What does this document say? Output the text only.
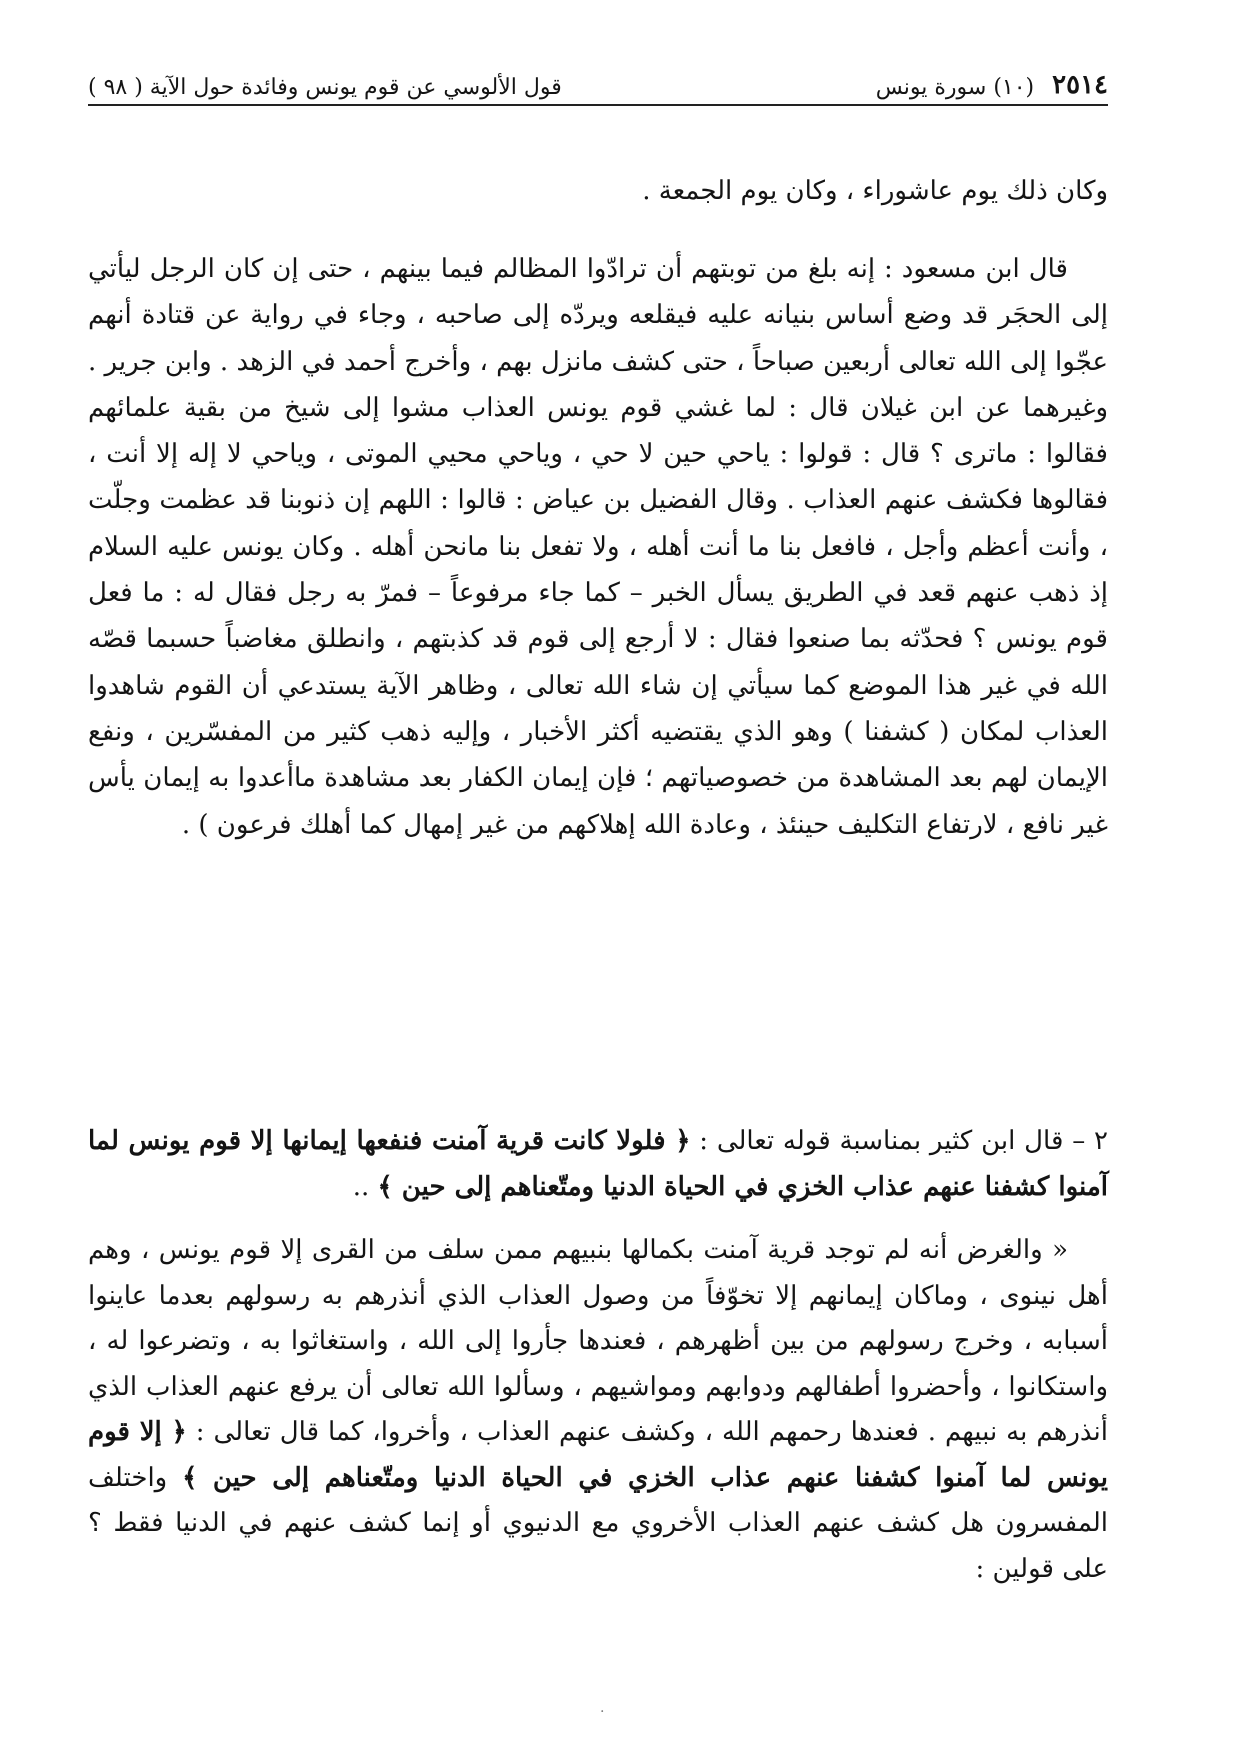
٢٥١٤
(١٠) سورة يونس
قول الألوسي عن قوم يونس وفائدة حول الآية ( ٩٨ )

وكان ذلك يوم عاشوراء ، وكان يوم الجمعة .

قال ابن مسعود : إنه بلغ من توبتهم أن ترادّوا المظالم فيما بينهم ، حتى إن كان الرجل ليأتي إلى الحجَر قد وضع أساس بنيانه عليه فيقلعه ويردّه إلى صاحبه ، وجاء في رواية عن قتادة أنهم عجّوا إلى الله تعالى أربعين صباحاً ، حتى كشف مانزل بهم ، وأخرج أحمد في الزهد . وابن جرير . وغيرهما عن ابن غيلان قال : لما غشي قوم يونس العذاب مشوا إلى شيخ من بقية علمائهم فقالوا : ماترى ؟ قال : قولوا : ياحي حين لا حي ، وياحي محيي الموتى ، وياحي لا إله إلا أنت ، فقالوها فكشف عنهم العذاب . وقال الفضيل بن عياض : قالوا : اللهم إن ذنوبنا قد عظمت وجلّت ، وأنت أعظم وأجل ، فافعل بنا ما أنت أهله ، ولا تفعل بنا مانحن أهله . وكان يونس عليه السلام إذ ذهب عنهم قعد في الطريق يسأل الخبر – كما جاء مرفوعاً – فمرّ به رجل فقال له : ما فعل قوم يونس ؟ فحدّثه بما صنعوا فقال : لا أرجع إلى قوم قد كذبتهم ، وانطلق مغاضباً حسبما قصّه الله في غير هذا الموضع كما سيأتي إن شاء الله تعالى ، وظاهر الآية يستدعي أن القوم شاهدوا العذاب لمكان ( كشفنا ) وهو الذي يقتضيه أكثر الأخبار ، وإليه ذهب كثير من المفسّرين ، ونفع الإيمان لهم بعد المشاهدة من خصوصياتهم ؛ فإن إيمان الكفار بعد مشاهدة ماأعدوا به إيمان يأس غير نافع ، لارتفاع التكليف حينئذ ، وعادة الله إهلاكهم من غير إمهال كما أهلك فرعون ) .

٢ – قال ابن كثير بمناسبة قوله تعالى : ﴿ فلولا كانت قرية آمنت فنفعها إيمانها إلا قوم يونس لما آمنوا كشفنا عنهم عذاب الخزي في الحياة الدنيا ومتّعناهم إلى حين ﴾ ..

« والغرض أنه لم توجد قرية آمنت بكمالها بنبيهم ممن سلف من القرى إلا قوم يونس ، وهم أهل نينوى ، وماكان إيمانهم إلا تخوّفاً من وصول العذاب الذي أنذرهم به رسولهم بعدما عاينوا أسبابه ، وخرج رسولهم من بين أظهرهم ، فعندها جأروا إلى الله ، واستغاثوا به ، وتضرعوا له ، واستكانوا ، وأحضروا أطفالهم ودوابهم ومواشيهم ، وسألوا الله تعالى أن يرفع عنهم العذاب الذي أنذرهم به نبيهم . فعندها رحمهم الله ، وكشف عنهم العذاب ، وأخروا، كما قال تعالى : ﴿ إلا قوم يونس لما آمنوا كشفنا عنهم عذاب الخزي في الحياة الدنيا ومتّعناهم إلى حين ﴾ واختلف المفسرون هل كشف عنهم العذاب الأخروي مع الدنيوي أو إنما كشف عنهم في الدنيا فقط ؟ على قولين :

.
